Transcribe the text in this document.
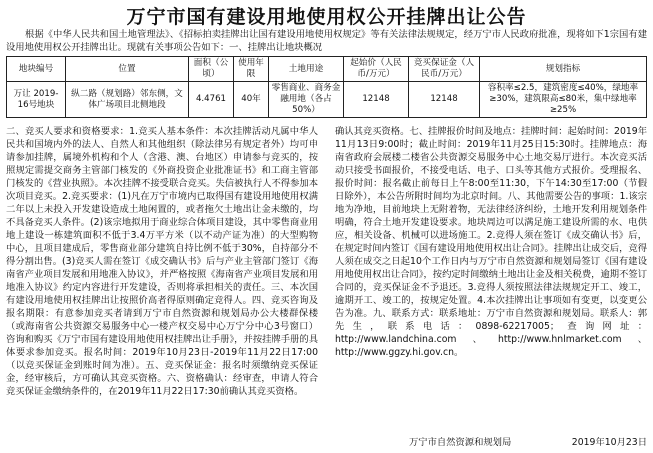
万宁市国有建设用地使用权公开挂牌出让公告
根据《中华人民共和国土地管理法》、《招标拍卖挂牌出让国有建设用地使用权规定》等有关法律法规规定，经万宁市人民政府批准，现将如下1宗国有建设用地使用权公开挂牌出让。现就有关事项公告如下：一、挂牌出让地块概况
地块编号	位置	面积（公顷）	使用年限	土地用途	起始价（人民币/万元）	竞买保证金（人民币/万元）	规划指标
万让 2019-16号地块	纵二路（规划路）邻东侧，文体广场项目北侧地段	4.4761	40年	零售商业、商务金融用地（各占50%）	12148	12148	容积率≤2.5，建筑密度≤40%，绿地率≥30%，建筑限高≤80米，集中绿地率≥25%

二、竞买人要求和资格要求：1.竞买人基本条件：本次挂牌活动凡属中华人民共和国境内外的法人、自然人和其他组织（除法律另有规定者外）均可申请参加挂牌，属境外机构和个人（含港、澳、台地区）申请参与竞买的，按照规定需提交商务主管部门核发的《外商投资企业批准证书》和工商主管部门核发的《营业执照》。本次挂牌不接受联合竞买。失信被执行人不得参加本次项目竞买。2.竞买要求：(1)凡在万宁市境内已取得国有建设用地使用权满二年以上未投入开发建设造成土地闲置的，或者拖欠土地出让金未缴的，均不具备竞买人条件。(2)该宗地拟用于商业综合体项目建设，其中零售商业用地上建设一栋建筑面积不低于3.4万平方米（以不动产证为准）的大型购物中心，且项目建成后，零售商业部分建筑自持比例不低于30%，自持部分不得分割出售。(3)竞买人需在签订《成交确认书》后与产业主管部门签订《海南省产业项目发展和用地准入协议》，并严格按照《海南省产业项目发展和用地准入协议》约定内容进行开发建设，否则将承担相关的责任。三、本次国有建设用地使用权挂牌出让按照价高者得原则确定竞得人。四、竞买咨询及报名期限：有意参加竞买者请到万宁市自然资源和规划局办公大楼群保楼（或海南省公共资源交易服务中心一楼产权交易中心万宁分中心3号窗口）咨询和购买《万宁市国有建设用地使用权挂牌出让手册》，并按挂牌手册的具体要求参加竞买。报名时间：2019年10月23日-2019年11月22日17:00（以竞买保证金到账时间为准）。五、竞买保证金：报名时须缴纳竞买保证金，经审核后，方可确认其竞买资格。六、资格确认：经审查，申请人符合竞买保证金缴纳条件的，在2019年11月22日17:30前确认其竞买资格。

确认其竞买资格。七、挂牌报价时间及地点：挂牌时间：起始时间：2019年11月13日9:00时；截止时间：2019年11月25日15:30时。挂牌地点：海南省政府会展楼二楼省公共资源交易服务中心土地交易厅进行。本次竞买活动只接受书面报价，不接受电话、电子、口头等其他方式报价。受理报名、报价时间：报名截止前每日上午8:00至11:30，下午14:30至17:00（节假日除外），本公告所附时间均为北京时间。八、其他需要公告的事项：1.该宗地为净地，目前地块上无附着物，无法律经济纠纷，土地开发利用规划条件明确，符合土地开发建设要求。地块周边可以满足施工建设所需的水、电供应，相关设备、机械可以进场施工。2.竞得人须在签订《成交确认书》后，在规定时间内签订《国有建设用地使用权出让合同》。挂牌出让成交后，竞得人须在成交之日起10个工作日内与万宁市自然资源和规划局签订《国有建设用地使用权出让合同》，按约定时间缴纳土地出让金及相关税费，逾期不签订合同的，竞买保证金不予退还。3.竞得人须按照法律法规规定开工、竣工，逾期开工、竣工的，按规定处置。4.本次挂牌出让事项如有变更，以变更公告为准。九、联系方式：联系地址：万宁市自然资源和规划局。联系人：郭先生，联系电话：0898-62217005；查询网址：http://www.landchina.com、http://www.hnlmarket.com、http://www.ggzy.hi.gov.cn。

万宁市自然资源和规划局	2019年10月23日
